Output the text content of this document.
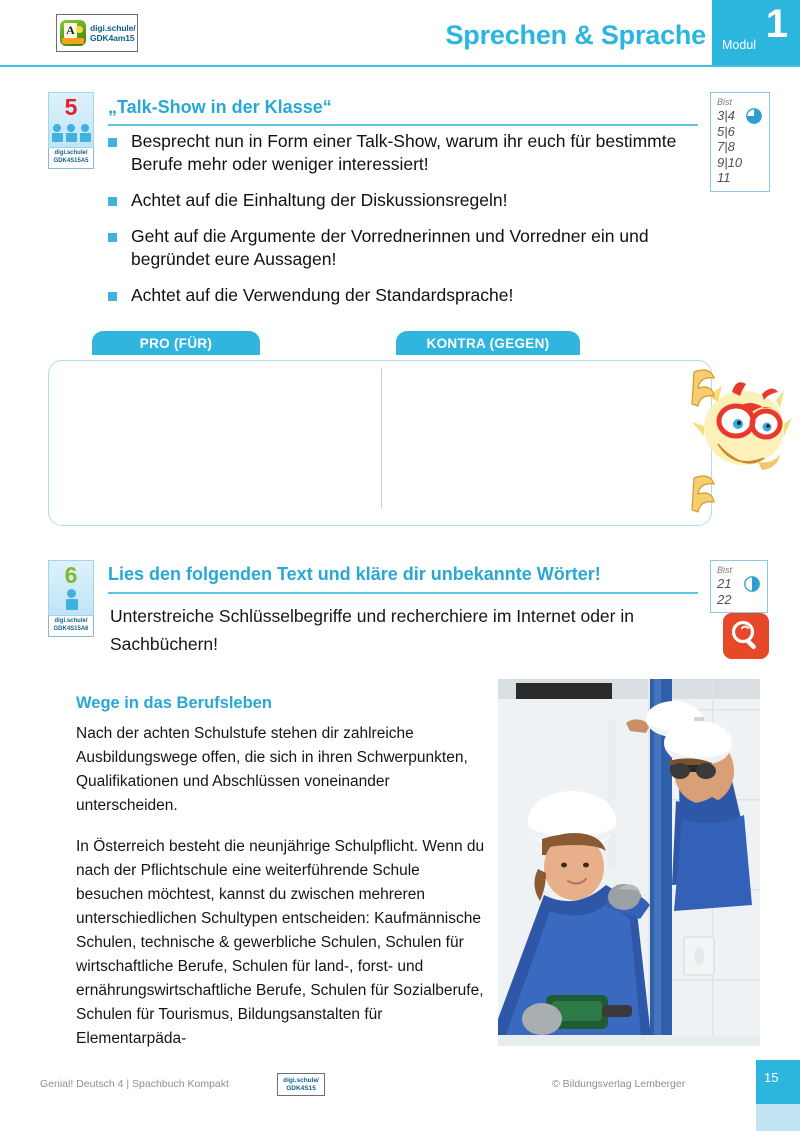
A digi.schule/
GDK4am15	Sprechen & Sprache Modul 1
5
digi.schule/
GDK4S15A5
„Talk-Show in der Klasse“
Besprecht nun in Form einer Talk-Show, warum ihr euch für bestimmte Berufe mehr oder weniger interessiert!
Achtet auf die Einhaltung der Diskussionsregeln!
Geht auf die Argumente der Vorrednerinnen und Vorredner ein und begründet eure Aussagen!
Achtet auf die Verwendung der Standardsprache!
Bist
3|4
5|6
7|8
9|10
11
PRO (FÜR)	KONTRA (GEGEN)
6
digi.schule/
GDK4S15A6
Lies den folgenden Text und kläre dir unbekannte Wörter!
Unterstreiche Schlüsselbegriffe und recherchiere im Internet oder in Sachbüchern!
Bist
21
22
Wege in das Berufsleben
Nach der achten Schulstufe stehen dir zahlreiche Ausbildungswege offen, die sich in ihren Schwerpunkten, Qualifikationen und Abschlüssen voneinander unterscheiden.
In Österreich besteht die neunjährige Schulpflicht. Wenn du nach der Pflichtschule eine weiterführende Schule besuchen möchtest, kannst du zwischen mehreren unterschiedlichen Schultypen entscheiden: Kaufmännische Schulen, technische & gewerbliche Schulen, Schulen für wirtschaftliche Berufe, Schulen für land-, forst- und ernährungswirtschaftliche Berufe, Schulen für Sozialberufe, Schulen für Tourismus, Bildungsanstalten für Elementarpäda-
Genial! Deutsch 4 | Spachbuch Kompakt	digi.schule/
GDK4S15	© Bildungsverlag Lemberger	15
